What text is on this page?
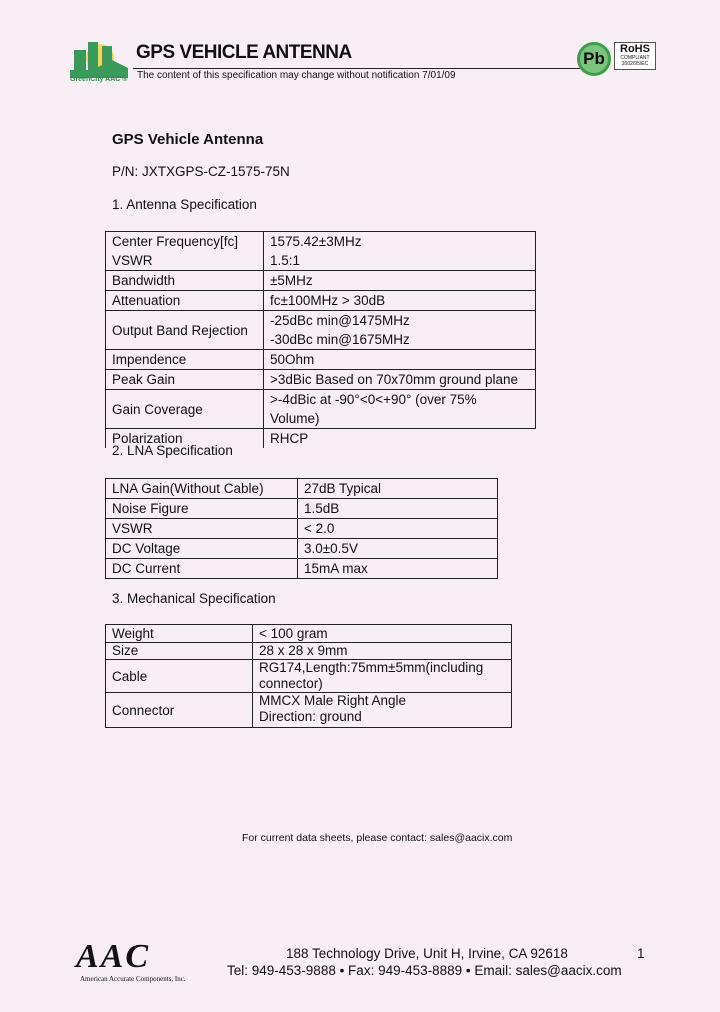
GreenCity AAC ®
GPS VEHICLE ANTENNA
The content of this specification may change without notification 7/01/09
Pb	RoHS
COMPLIANT
2002/95/EC
GPS Vehicle Antenna
P/N: JXTXGPS-CZ-1575-75N
1. Antenna Specification
Center Frequency[fc]	1575.42±3MHz
VSWR	1.5:1
Bandwidth	±5MHz
Attenuation	fc±100MHz > 30dB
Output Band Rejection	-25dBc min@1475MHz
-30dBc min@1675MHz

Impendence	50Ohm
Peak Gain	>3dBic Based on 70x70mm ground plane
Gain Coverage	>-4dBic at -90°<0<+90° (over 75% Volume)
Polarization	RHCP
2. LNA Specification
LNA Gain(Without Cable)	27dB Typical
Noise Figure	1.5dB
VSWR	< 2.0
DC Voltage	3.0±0.5V
DC Current	15mA max
3. Mechanical Specification
Weight	< 100 gram
Size	28 x 28 x 9mm
Cable	RG174,Length:75mm±5mm(including
connector)

Connector	MMCX Male Right Angle
Direction: ground
For current data sheets, please contact: sales@aacix.com
AAC
American Accurate Components, Inc.
188 Technology Drive, Unit H, Irvine, CA 92618
Tel: 949-453-9888 • Fax: 949-453-8889 • Email: sales@aacix.com
1
